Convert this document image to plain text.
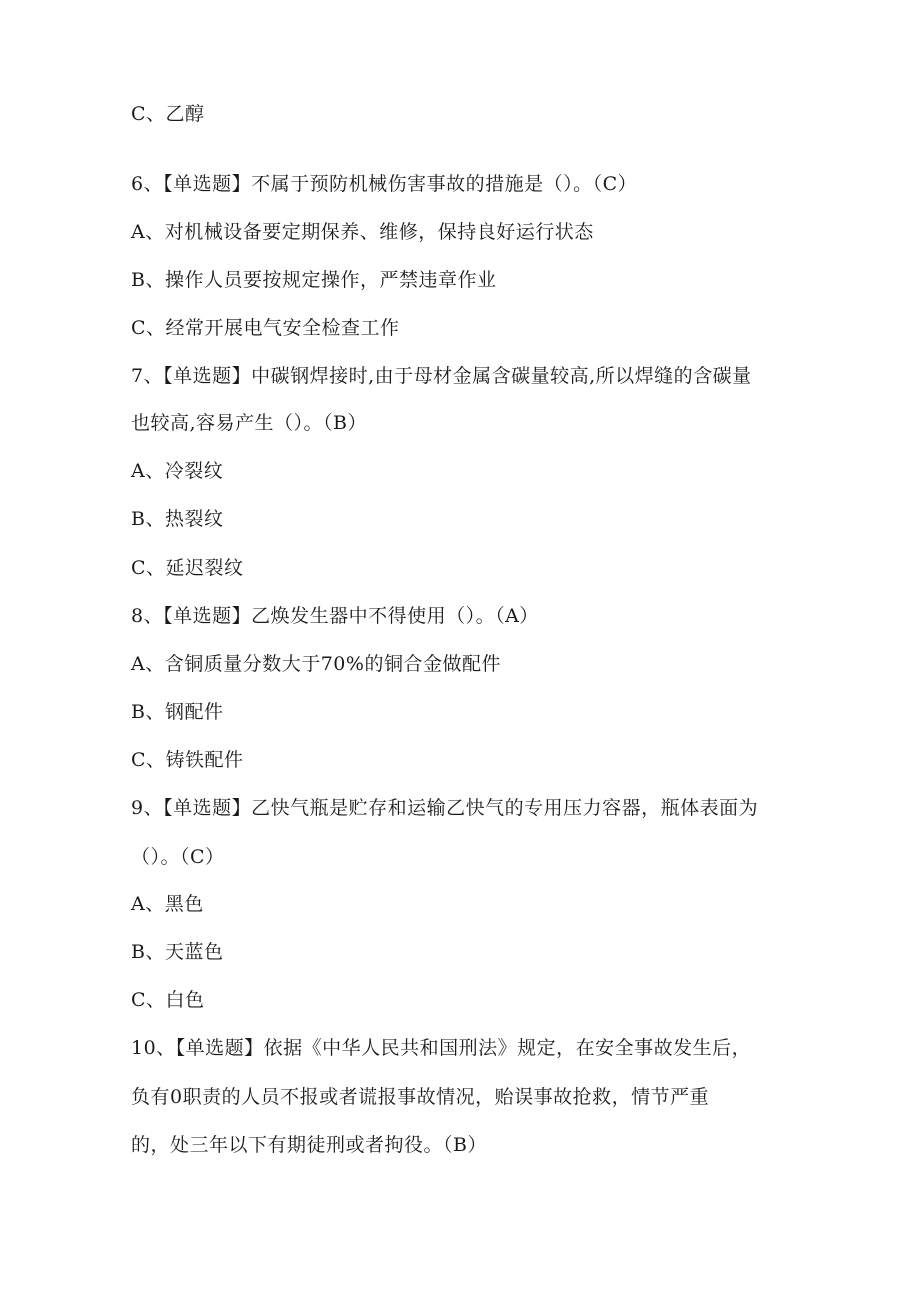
C、乙醇
6、【单选题】不属于预防机械伤害事故的措施是（）。（C）
A、对机械设备要定期保养、维修，保持良好运行状态
B、操作人员要按规定操作，严禁违章作业
C、经常开展电气安全检查工作
7、【单选题】中碳钢焊接时,由于母材金属含碳量较高,所以焊缝的含碳量
也较高,容易产生（）。（B）
A、冷裂纹
B、热裂纹
C、延迟裂纹
8、【单选题】乙焕发生器中不得使用（）。（A）
A、含铜质量分数大于70%的铜合金做配件
B、钢配件
C、铸铁配件
9、【单选题】乙快气瓶是贮存和运输乙快气的专用压力容器，瓶体表面为
（）。（C）
A、黑色
B、天蓝色
C、白色
10、【单选题】依据《中华人民共和国刑法》规定，在安全事故发生后，
负有0职责的人员不报或者谎报事故情况，贻误事故抢救，情节严重
的，处三年以下有期徒刑或者拘役。（B）
